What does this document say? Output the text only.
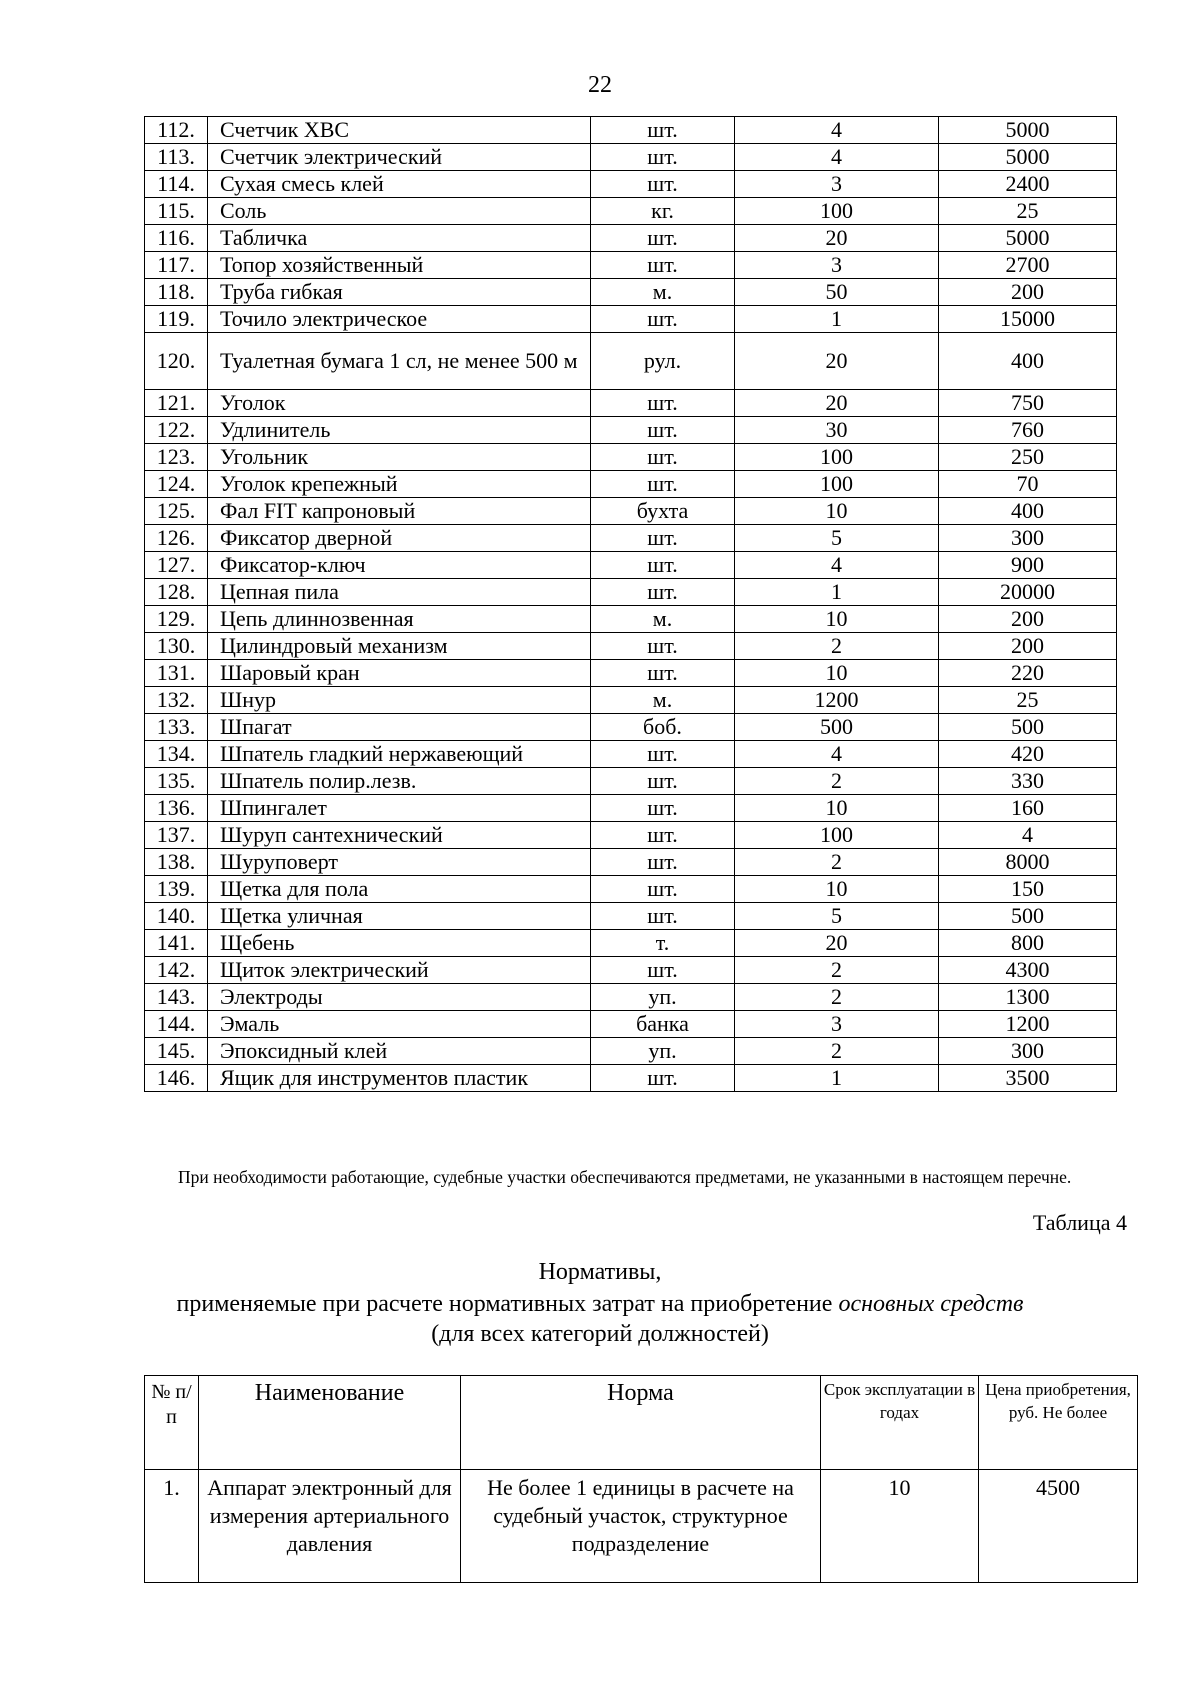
22
112.	Счетчик ХВС	шт.	4	5000
113.	Счетчик электрический	шт.	4	5000
114.	Сухая смесь клей	шт.	3	2400
115.	Соль	кг.	100	25
116.	Табличка	шт.	20	5000
117.	Топор хозяйственный	шт.	3	2700
118.	Труба гибкая	м.	50	200
119.	Точило электрическое	шт.	1	15000
120.	Туалетная бумага 1 сл, не менее 500 м	рул.	20	400
121.	Уголок	шт.	20	750
122.	Удлинитель	шт.	30	760
123.	Угольник	шт.	100	250
124.	Уголок крепежный	шт.	100	70
125.	Фал FIT капроновый	бухта	10	400
126.	Фиксатор дверной	шт.	5	300
127.	Фиксатор-ключ	шт.	4	900
128.	Цепная пила	шт.	1	20000
129.	Цепь длиннозвенная	м.	10	200
130.	Цилиндровый механизм	шт.	2	200
131.	Шаровый кран	шт.	10	220
132.	Шнур	м.	1200	25
133.	Шпагат	боб.	500	500
134.	Шпатель гладкий нержавеющий	шт.	4	420
135.	Шпатель полир.лезв.	шт.	2	330
136.	Шпингалет	шт.	10	160
137.	Шуруп сантехнический	шт.	100	4
138.	Шуруповерт	шт.	2	8000
139.	Щетка для пола	шт.	10	150
140.	Щетка уличная	шт.	5	500
141.	Щебень	т.	20	800
142.	Щиток электрический	шт.	2	4300
143.	Электроды	уп.	2	1300
144.	Эмаль	банка	3	1200
145.	Эпоксидный клей	уп.	2	300
146.	Ящик для инструментов пластик	шт.	1	3500
При необходимости работающие, судебные участки обеспечиваются предметами, не указанными в настоящем перечне.
Таблица 4
Нормативы,
применяемые при расчете нормативных затрат на приобретение основных средств
(для всех категорий должностей)
№ п/ п	Наименование	Норма	Срок эксплуатации в годах	Цена приобретения, руб. Не более
1.	Аппарат электронный для измерения артериального давления	Не более 1 единицы в расчете на судебный участок, структурное подразделение	10	4500
